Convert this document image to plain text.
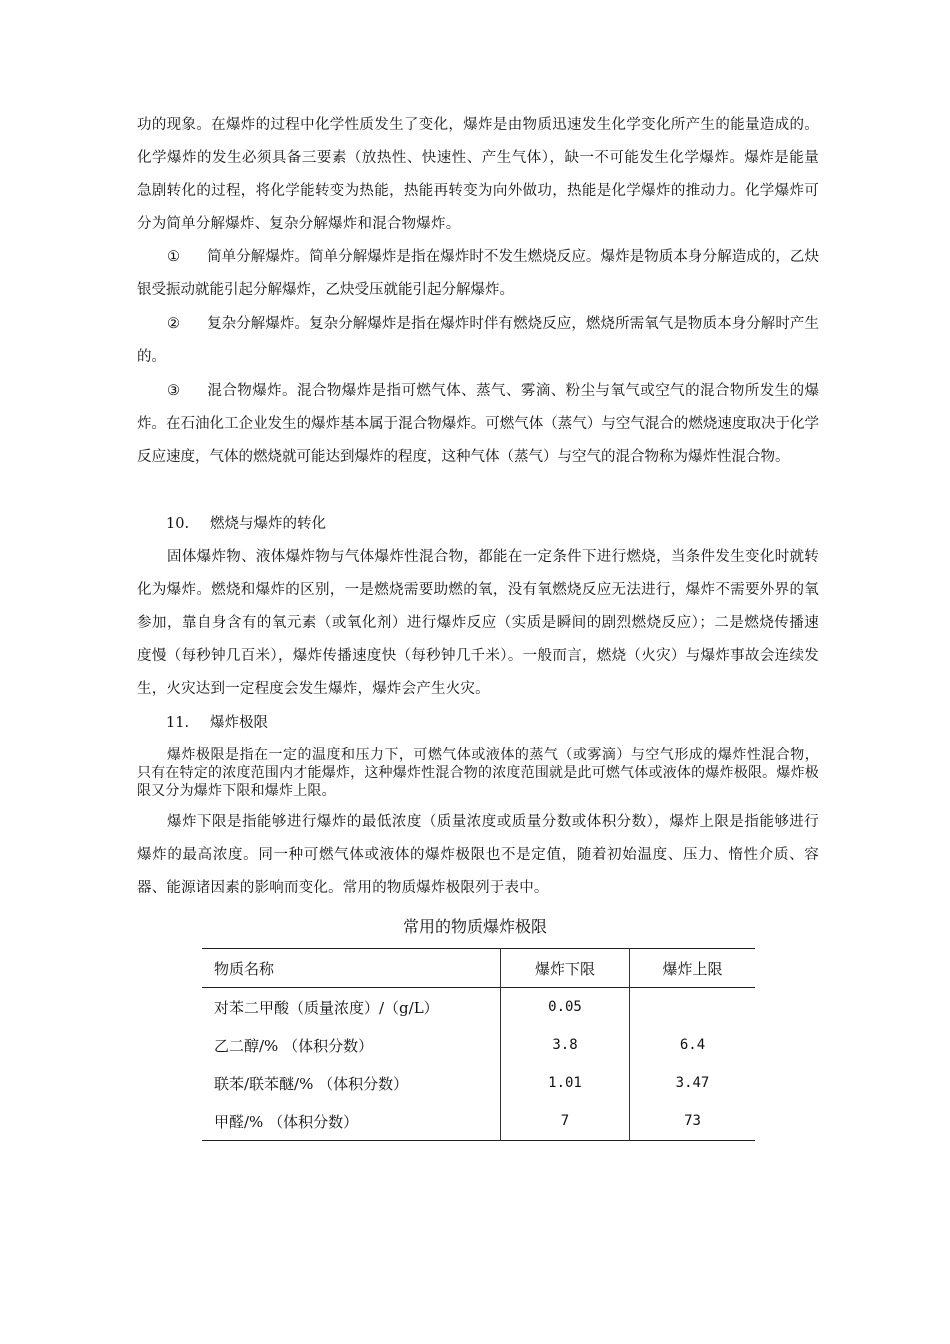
功的现象。在爆炸的过程中化学性质发生了变化，爆炸是由物质迅速发生化学变化所产生的能量造成的。化学爆炸的发生必须具备三要素（放热性、快速性、产生气体），缺一不可能发生化学爆炸。爆炸是能量急剧转化的过程，将化学能转变为热能，热能再转变为向外做功，热能是化学爆炸的推动力。化学爆炸可分为简单分解爆炸、复杂分解爆炸和混合物爆炸。

① 简单分解爆炸。简单分解爆炸是指在爆炸时不发生燃烧反应。爆炸是物质本身分解造成的，乙炔银受振动就能引起分解爆炸，乙炔受压就能引起分解爆炸。

② 复杂分解爆炸。复杂分解爆炸是指在爆炸时伴有燃烧反应，燃烧所需氧气是物质本身分解时产生的。

③ 混合物爆炸。混合物爆炸是指可燃气体、蒸气、雾滴、粉尘与氧气或空气的混合物所发生的爆炸。在石油化工企业发生的爆炸基本属于混合物爆炸。可燃气体（蒸气）与空气混合的燃烧速度取决于化学反应速度，气体的燃烧就可能达到爆炸的程度，这种气体（蒸气）与空气的混合物称为爆炸性混合物。

10. 燃烧与爆炸的转化

固体爆炸物、液体爆炸物与气体爆炸性混合物，都能在一定条件下进行燃烧，当条件发生变化时就转化为爆炸。燃烧和爆炸的区别，一是燃烧需要助燃的氧，没有氧燃烧反应无法进行，爆炸不需要外界的氧参加，靠自身含有的氧元素（或氧化剂）进行爆炸反应（实质是瞬间的剧烈燃烧反应）；二是燃烧传播速度慢（每秒钟几百米），爆炸传播速度快（每秒钟几千米）。一般而言，燃烧（火灾）与爆炸事故会连续发生，火灾达到一定程度会发生爆炸，爆炸会产生火灾。

11. 爆炸极限

爆炸极限是指在一定的温度和压力下，可燃气体或液体的蒸气（或雾滴）与空气形成的爆炸性混合物，只有在特定的浓度范围内才能爆炸，这种爆炸性混合物的浓度范围就是此可燃气体或液体的爆炸极限。爆炸极限又分为爆炸下限和爆炸上限。

爆炸下限是指能够进行爆炸的最低浓度（质量浓度或质量分数或体积分数），爆炸上限是指能够进行爆炸的最高浓度。同一种可燃气体或液体的爆炸极限也不是定值，随着初始温度、压力、惰性介质、容器、能源诸因素的影响而变化。常用的物质爆炸极限列于表中。

常用的物质爆炸极限
物质名称	爆炸下限	爆炸上限
对苯二甲酸（质量浓度）/（g/L）	0.05	
乙二醇/% （体积分数）	3.8	6.4
联苯/联苯醚/% （体积分数）	1.01	3.47
甲醛/% （体积分数）	7	73
